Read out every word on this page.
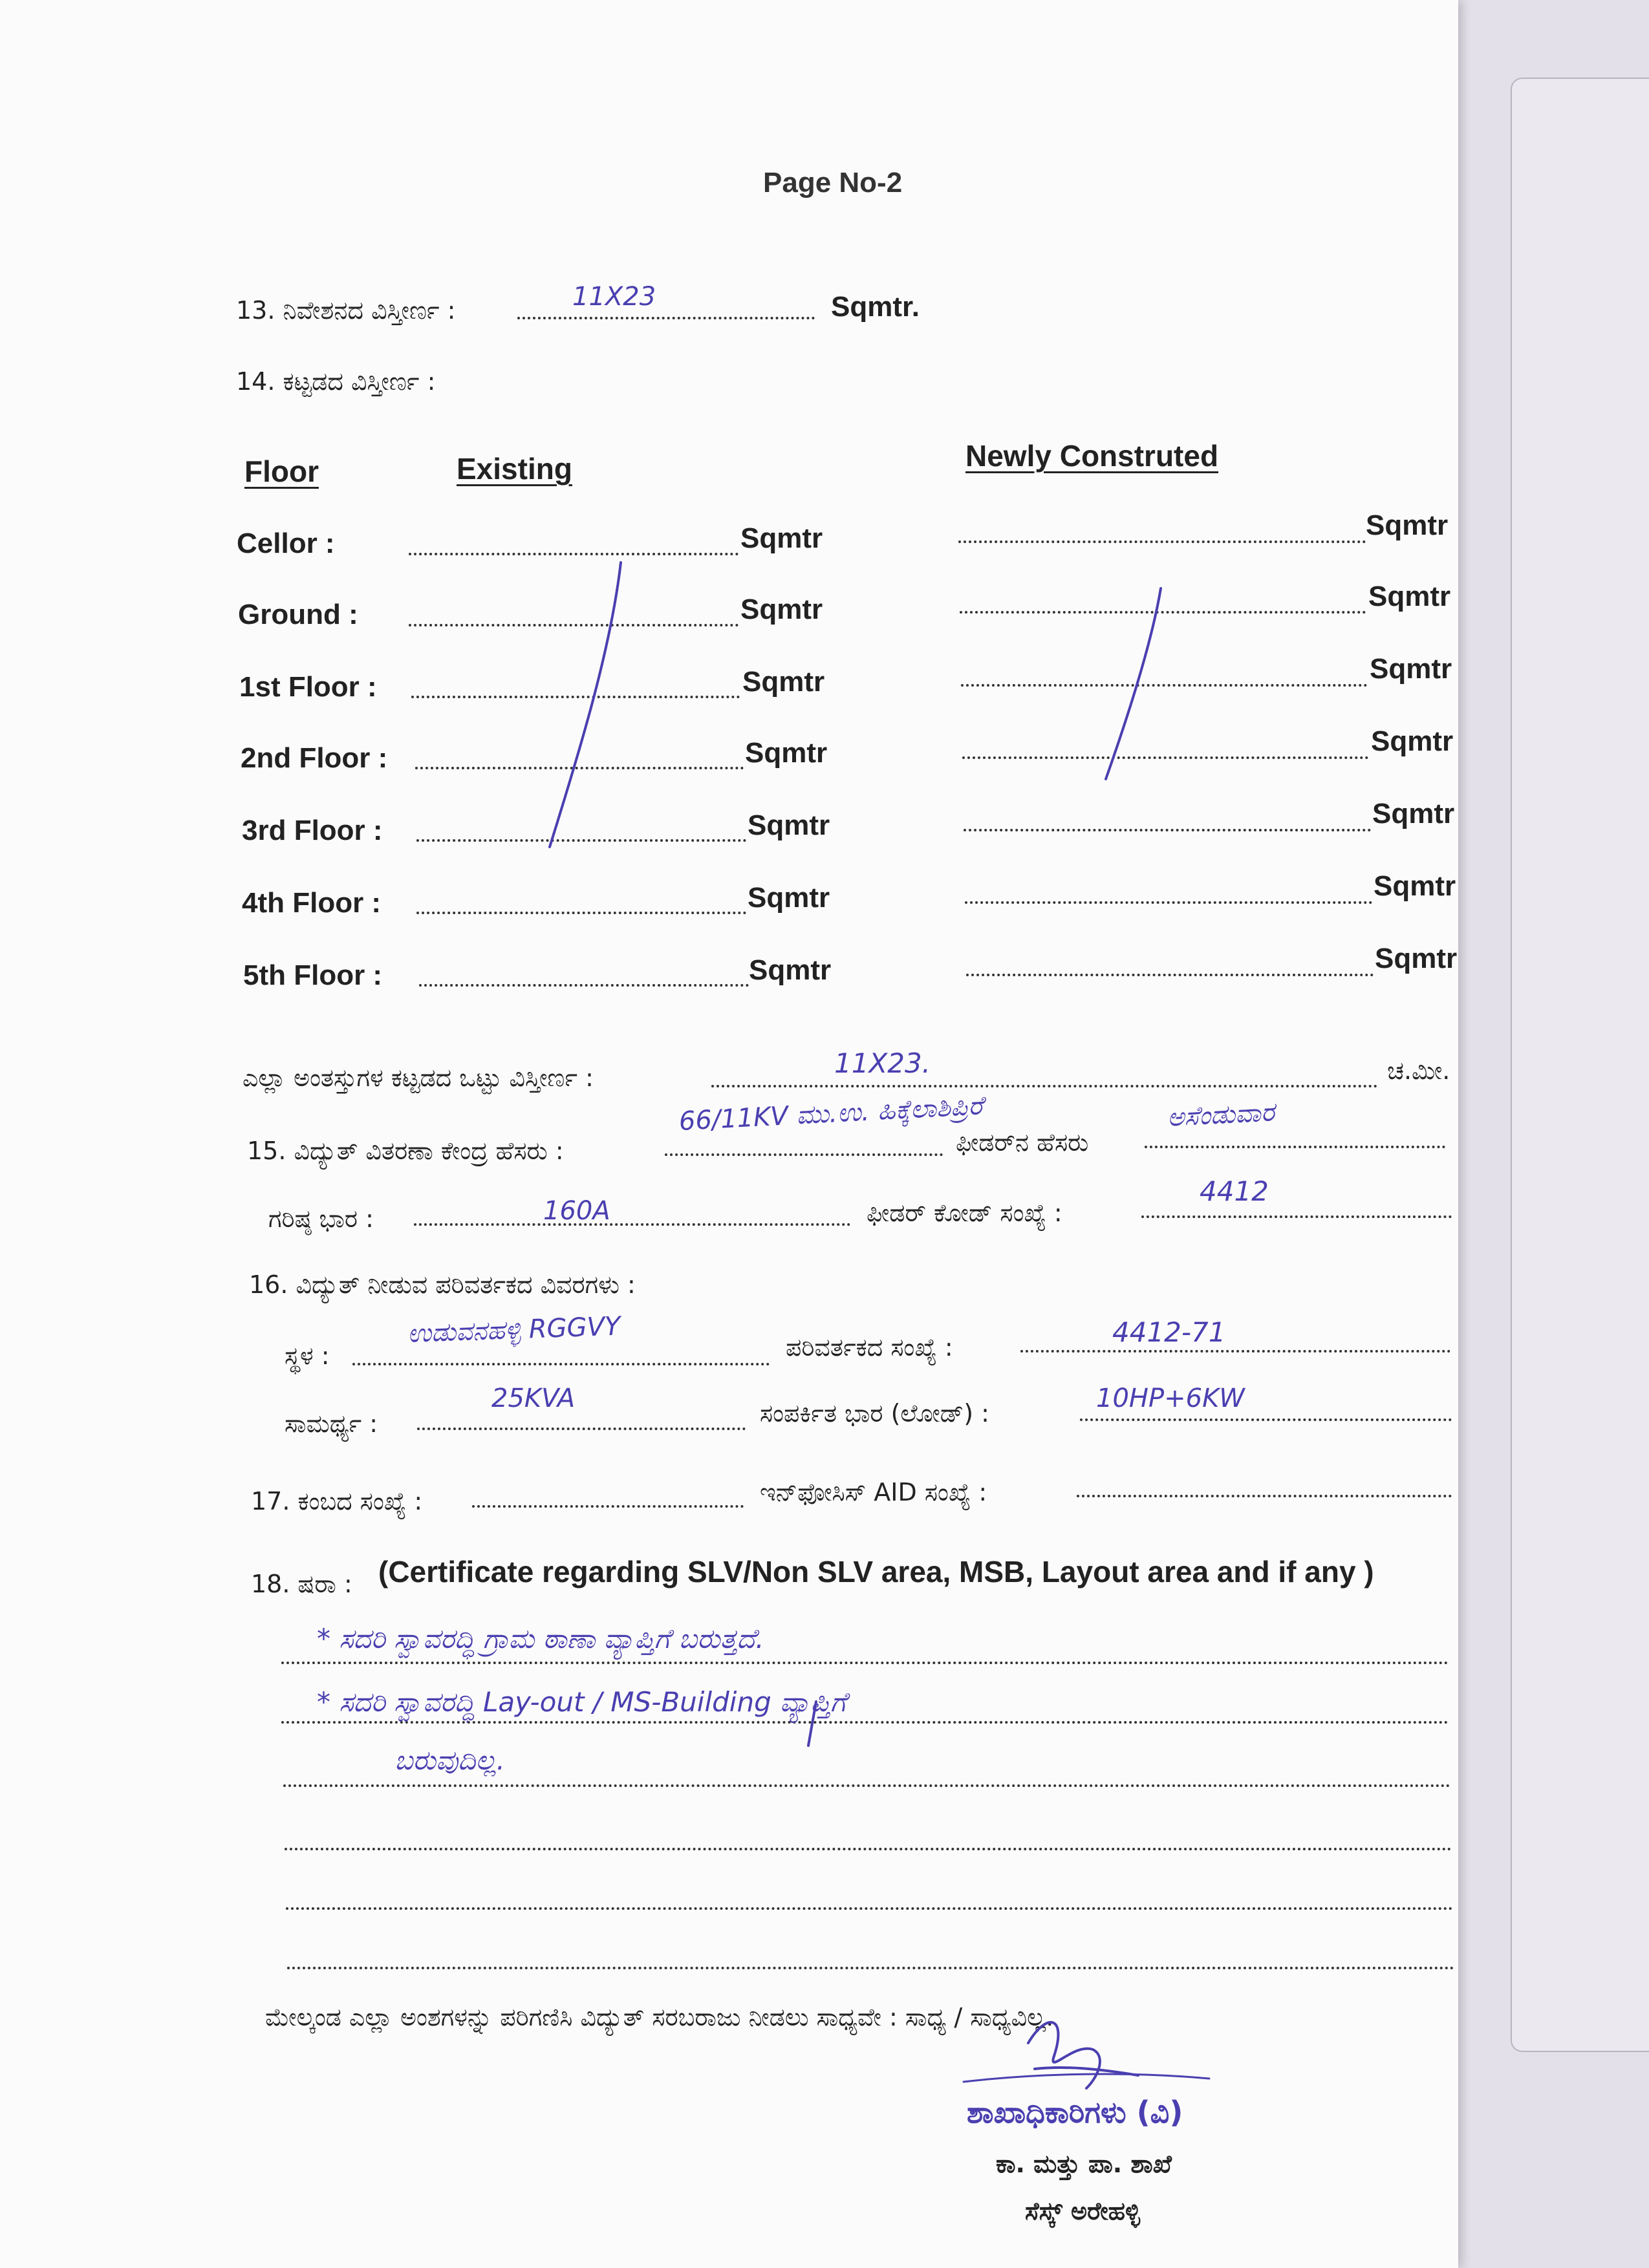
Page No-2
13. ನಿವೇಶನದ ವಿಸ್ತೀರ್ಣ :	11X23	Sqmtr.
14. ಕಟ್ಟಡದ ವಿಸ್ತೀರ್ಣ :
Floor	Existing	Newly Construted
Cellor :	Sqmtr	Sqmtr
Ground :	Sqmtr	Sqmtr
1st Floor :	Sqmtr	Sqmtr
2nd Floor :	Sqmtr	Sqmtr
3rd Floor :	Sqmtr	Sqmtr
4th Floor :	Sqmtr	Sqmtr
5th Floor :	Sqmtr	Sqmtr
ಎಲ್ಲಾ ಅಂತಸ್ತುಗಳ ಕಟ್ಟಡದ ಒಟ್ಟು ವಿಸ್ತೀರ್ಣ :	11X23.	ಚ.ಮೀ.
15. ವಿದ್ಯುತ್ ವಿತರಣಾ ಕೇಂದ್ರ ಹೆಸರು :
66/11KV ಮು.ಉ. ಹಿಕ್ಕೆಲಾಶಿಪ್ರಿರೆ
ಫೀಡರ್‌ನ ಹೆಸರು
ಅಸೆಂಡುವಾರ
ಗರಿಷ್ಠ ಭಾರ :	160A	ಫೀಡರ್ ಕೋಡ್ ಸಂಖ್ಯೆ :
4412
16. ವಿದ್ಯುತ್ ನೀಡುವ ಪರಿವರ್ತಕದ ವಿವರಗಳು :
ಸ್ಥಳ :
ಉಡುವನಹಳ್ಳಿ RGGVY	ಪರಿವರ್ತಕದ ಸಂಖ್ಯೆ :	4412-71
ಸಾಮರ್ಥ್ಯ :
25KVA	ಸಂಪರ್ಕಿತ ಭಾರ (ಲೋಡ್) :	10HP+6KW
17. ಕಂಬದ ಸಂಖ್ಯೆ :	ಇನ್‌ಫೋಸಿಸ್ AID ಸಂಖ್ಯೆ :
18. ಷರಾ : (Certificate regarding SLV/Non SLV area, MSB, Layout area and if any )
* ಸದರಿ ಸ್ವಾವರದ್ಧಿ ಗ್ರಾಮ ಠಾಣಾ ವ್ಯಾಪ್ತಿಗೆ ಬರುತ್ತದೆ.
* ಸದರಿ ಸ್ವಾವರದ್ಧಿ Lay-out / MS-Building ವ್ಯಾಪ್ತಿಗೆ
ಬರುವುದಿಲ್ಲ.
ಮೇಲ್ಕಂಡ ಎಲ್ಲಾ ಅಂಶಗಳನ್ನು ಪರಿಗಣಿಸಿ ವಿದ್ಯುತ್ ಸರಬರಾಜು ನೀಡಲು ಸಾಧ್ಯವೇ : ಸಾಧ್ಯ / ಸಾಧ್ಯವಿಲ್ಲ.
ಶಾಖಾಧಿಕಾರಿಗಳು (ವಿ)
ಕಾ. ಮತ್ತು ಪಾ. ಶಾಖೆ
ಸೆಸ್ಕ್ ಅರೇಹಳ್ಳಿ
